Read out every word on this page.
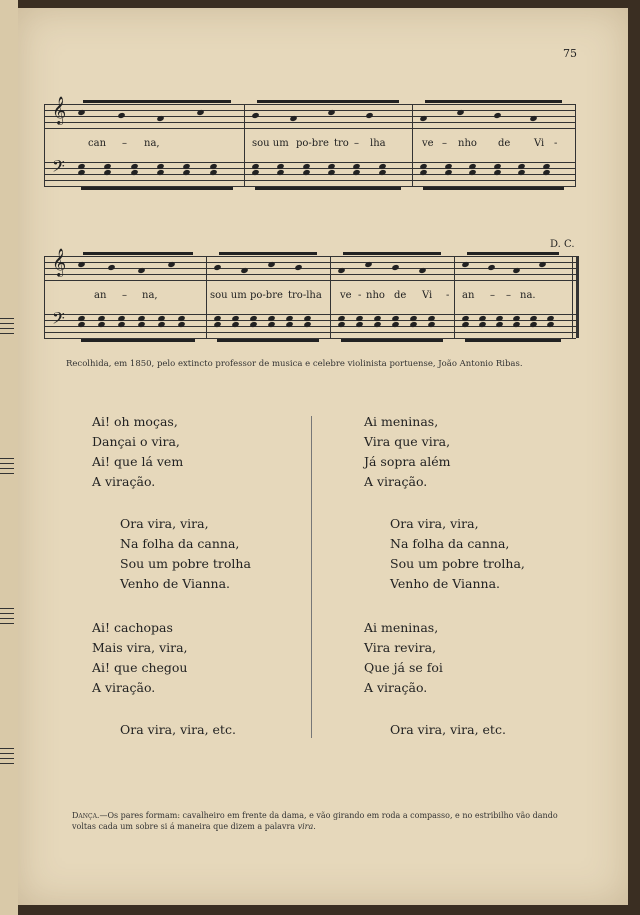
75
𝄞
𝄢
can – na,	sou um po-bre tro – lha	ve – nho de Vi -
D. C.
𝄞
𝄢
an – na,	sou um po-bre tro-lha ve - nho de Vi - an – – na.
Recolhida, em 1850, pelo extincto professor de musica e celebre violinista portuense, João Antonio Ribas.
Ai! oh moças,
Dançai o vira,
Ai! que lá vem
A viração.
Ora vira, vira,
Na folha da canna,
Sou um pobre trolha
Venho de Vianna.
Ai! cachopas
Mais vira, vira,
Ai! que chegou
A viração.
Ora vira, vira, etc.
Ai meninas,
Vira que vira,
Já sopra além
A viração.
Ora vira, vira,
Na folha da canna,
Sou um pobre trolha,
Venho de Vianna.
Ai meninas,
Vira revira,
Que já se foi
A viração.
Ora vira, vira, etc.
Dança.—Os pares formam: cavalheiro em frente da dama, e vão girando em roda a compasso, e no estribilho vão dando voltas cada um sobre si á maneira que dizem a palavra vira.
